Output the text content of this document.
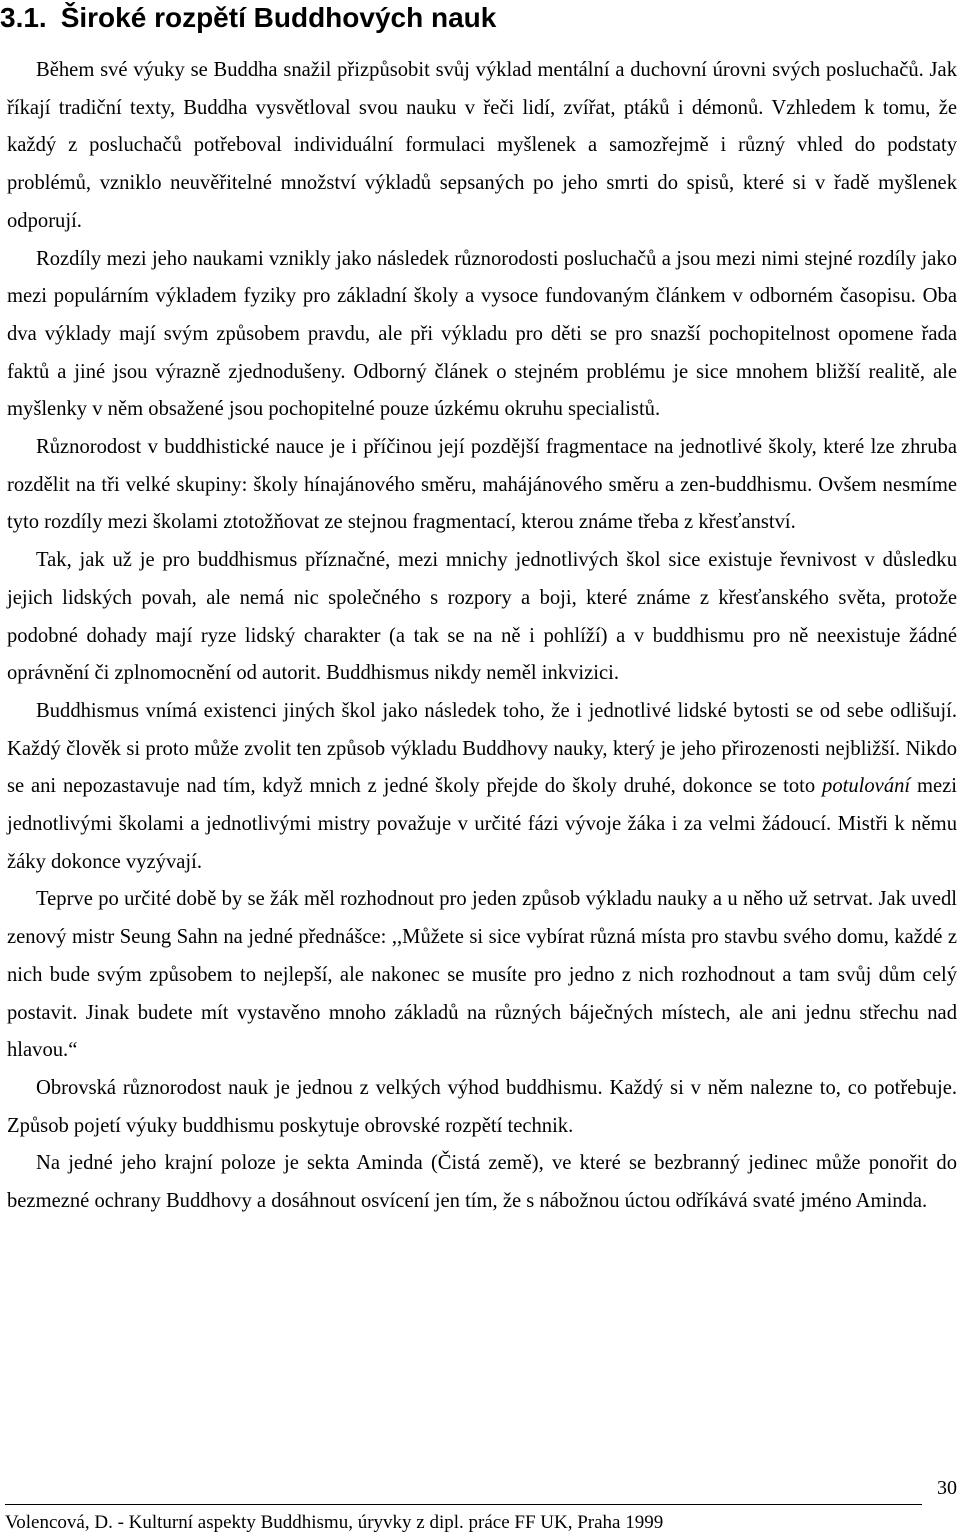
3.1. Široké rozpětí Buddhových nauk

Během své výuky se Buddha snažil přizpůsobit svůj výklad mentální a duchovní úrovni svých posluchačů. Jak říkají tradiční texty, Buddha vysvětloval svou nauku v řeči lidí, zvířat, ptáků i démonů. Vzhledem k tomu, že každý z posluchačů potřeboval individuální formulaci myšlenek a samozřejmě i různý vhled do podstaty problémů, vzniklo neuvěřitelné množství výkladů sepsaných po jeho smrti do spisů, které si v řadě myšlenek odporují.

Rozdíly mezi jeho naukami vznikly jako následek různorodosti posluchačů a jsou mezi nimi stejné rozdíly jako mezi populárním výkladem fyziky pro základní školy a vysoce fundovaným článkem v odborném časopisu. Oba dva výklady mají svým způsobem pravdu, ale při výkladu pro děti se pro snazší pochopitelnost opomene řada faktů a jiné jsou výrazně zjednodušeny. Odborný článek o stejném problému je sice mnohem bližší realitě, ale myšlenky v něm obsažené jsou pochopitelné pouze úzkému okruhu specialistů.

Různorodost v buddhistické nauce je i příčinou její pozdější fragmentace na jednotlivé školy, které lze zhruba rozdělit na tři velké skupiny: školy hínajánového směru, mahájánového směru a zen-buddhismu. Ovšem nesmíme tyto rozdíly mezi školami ztotožňovat ze stejnou fragmentací, kterou známe třeba z křesťanství.

Tak, jak už je pro buddhismus příznačné, mezi mnichy jednotlivých škol sice existuje řevnivost v důsledku jejich lidských povah, ale nemá nic společného s rozpory a boji, které známe z křesťanského světa, protože podobné dohady mají ryze lidský charakter (a tak se na ně i pohlíží) a v buddhismu pro ně neexistuje žádné oprávnění či zplnomocnění od autorit. Buddhismus nikdy neměl inkvizici.

Buddhismus vnímá existenci jiných škol jako následek toho, že i jednotlivé lidské bytosti se od sebe odlišují. Každý člověk si proto může zvolit ten způsob výkladu Buddhovy nauky, který je jeho přirozenosti nejbližší. Nikdo se ani nepozastavuje nad tím, když mnich z jedné školy přejde do školy druhé, dokonce se toto potulování mezi jednotlivými školami a jednotlivými mistry považuje v určité fázi vývoje žáka i za velmi žádoucí. Mistři k němu žáky dokonce vyzývají.

Teprve po určité době by se žák měl rozhodnout pro jeden způsob výkladu nauky a u něho už setrvat. Jak uvedl zenový mistr Seung Sahn na jedné přednášce: ,,Můžete si sice vybírat různá místa pro stavbu svého domu, každé z nich bude svým způsobem to nejlepší, ale nakonec se musíte pro jedno z nich rozhodnout a tam svůj dům celý postavit. Jinak budete mít vystavěno mnoho základů na různých báječných místech, ale ani jednu střechu nad hlavou.“

Obrovská různorodost nauk je jednou z velkých výhod buddhismu. Každý si v něm nalezne to, co potřebuje. Způsob pojetí výuky buddhismu poskytuje obrovské rozpětí technik.

Na jedné jeho krajní poloze je sekta Aminda (Čistá země), ve které se bezbranný jedinec může ponořit do bezmezné ochrany Buddhovy a dosáhnout osvícení jen tím, že s nábožnou úctou odříkává svaté jméno Aminda.

30
Volencová, D. - Kulturní aspekty Buddhismu, úryvky z dipl. práce FF UK, Praha 1999
